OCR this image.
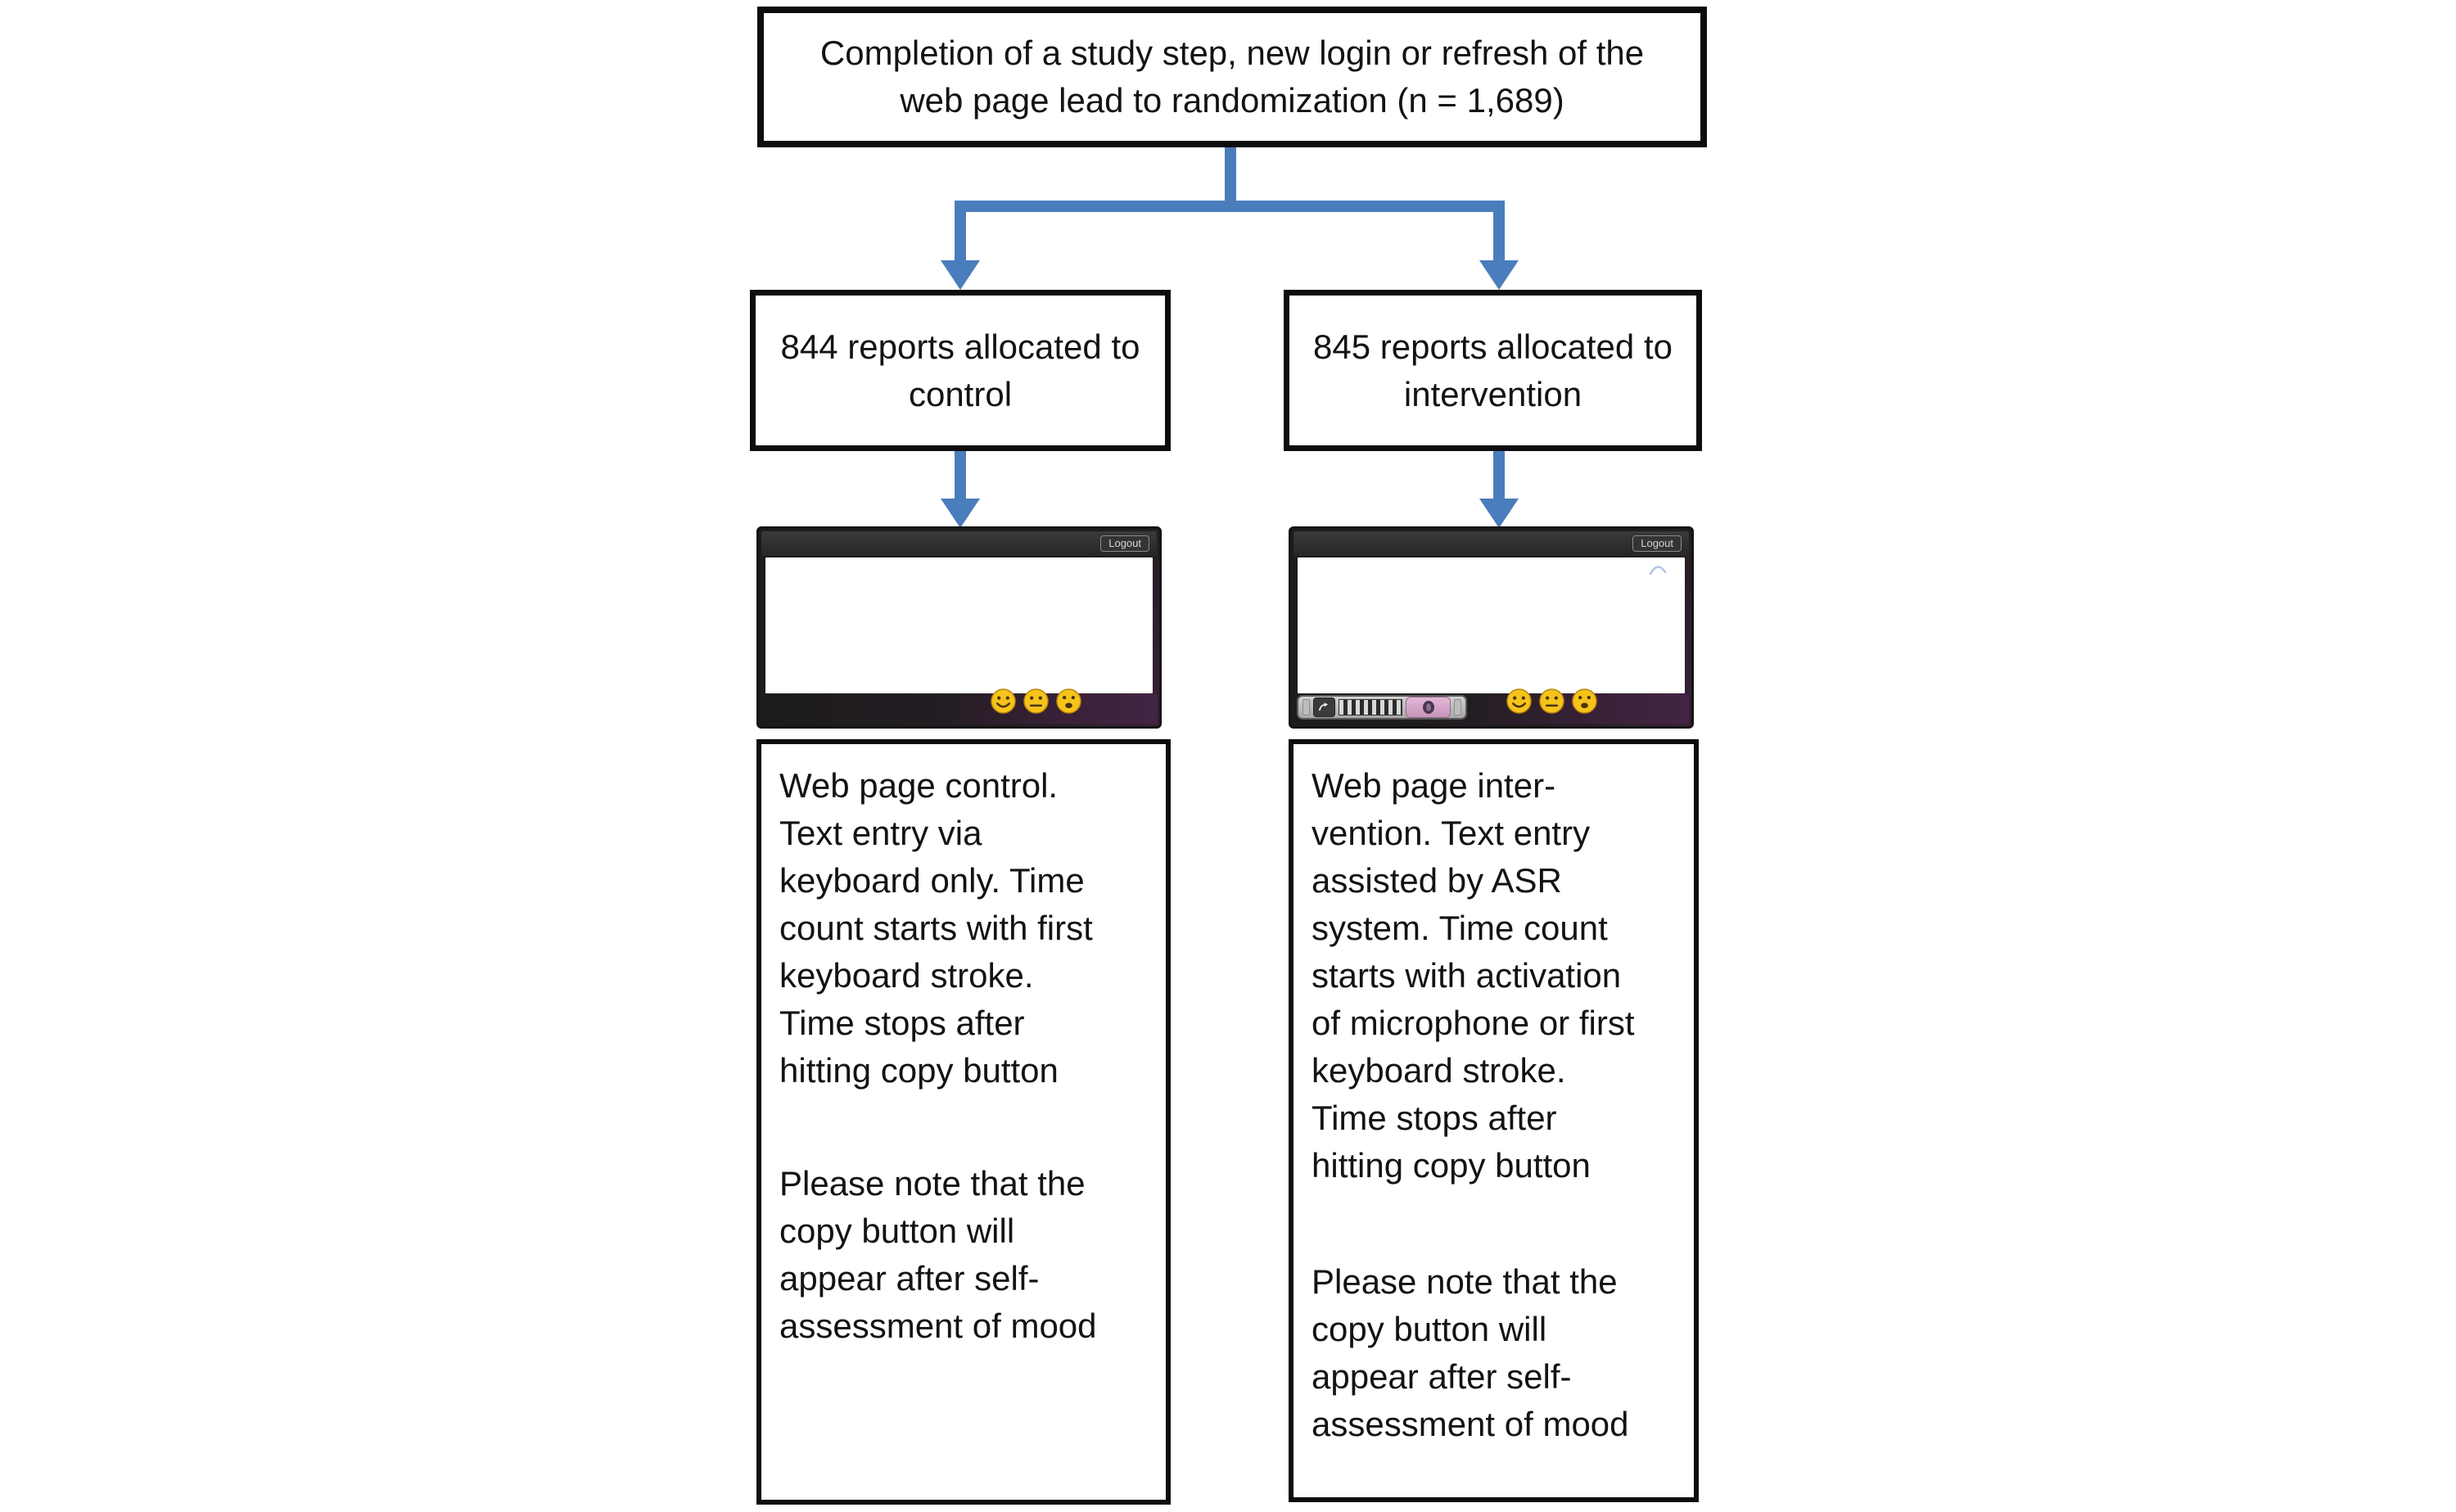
Completion of a study step, new login or refresh of the web page lead to randomization (n = 1,689)
844 reports allocated to control
845 reports allocated to intervention
Logout	Logout
Web page control.
Text entry via
keyboard only. Time
count starts with first
keyboard stroke.
Time stops after
hitting copy button
Please note that the
copy button will
appear after self-
assessment of mood
Web page inter-
vention. Text entry
assisted by ASR
system. Time count
starts with activation
of microphone or first
keyboard stroke.
Time stops after
hitting copy button
Please note that the
copy button will
appear after self-
assessment of mood
